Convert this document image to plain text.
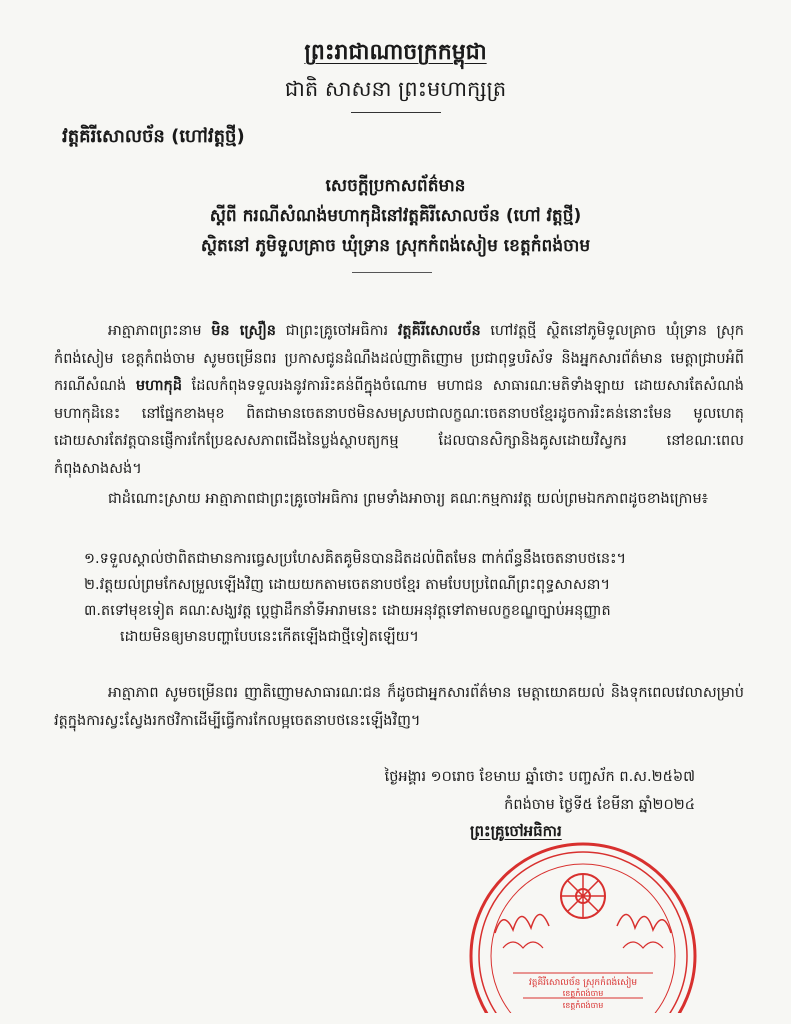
ព្រះរាជាណាចក្រកម្ពុជា
ជាតិ សាសនា ព្រះមហាក្សត្រ
វត្តគិរីសោលច័ន (ហៅវត្តថ្មី)
សេចក្តីប្រកាសព័ត៌មាន
ស្តីពី ករណីសំណង់មហាកុដិនៅវត្តគិរីសោលច័ន (ហៅ វត្តថ្មី)
ស្ថិតនៅ ភូមិទួលគ្រាច ឃុំទ្រាន ស្រុកកំពង់សៀម ខេត្តកំពង់ចាម
អាត្មាភាពព្រះនាម មិន ស្រឿន ជាព្រះគ្រូចៅអធិការ វត្តគិរីសោលច័ន ហៅវត្តថ្មី ស្ថិតនៅភូមិទួលគ្រាច ឃុំទ្រាន ស្រុកកំពង់សៀម ខេត្តកំពង់ចាម សូមចម្រើនពរ ប្រកាសជូនដំណឹងដល់ញាតិញោម ប្រជាពុទ្ធបរិស័ទ និងអ្នកសារព័ត៌មាន មេត្តាជ្រាបអំពីករណីសំណង់ មហាកុដិ ដែលកំពុងទទួលរងនូវការរិះគន់ពីក្នុងចំណោម មហាជន សាធារណៈមតិទាំងឡាយ ដោយសារតែសំណង់មហាកុដិនេះ នៅផ្នែកខាងមុខ ពិតជាមានចេតនាបថមិនសមស្របជាលក្ខណៈចេតនាបថខ្មែរដូចការរិះគន់នោះមែន មូលហេតុដោយសារតែវត្តបានផ្ញើការកែប្រែឧសសភាពជើងនៃប្លង់ស្ថាបត្យកម្ម ដែលបានសិក្សានិងគូសដោយវិស្វករ នៅខណៈពេលកំពុងសាងសង់។
ជាដំណោះស្រាយ អាត្មាភាពជាព្រះគ្រូចៅអធិការ ព្រមទាំងអាចារ្យ គណៈកម្មការវត្ត យល់ព្រមឯកភាពដូចខាងក្រោម៖

១.ទទួលស្គាល់ថាពិតជាមានការធ្វេសប្រហែសគិតគូមិនបានដិតដល់ពិតមែន ពាក់ព័ន្ធនឹងចេតនាបថនេះ។

២.វត្តយល់ព្រមកែសម្រួលឡើងវិញ ដោយយកតាមចេតនាបថខ្មែរ តាមបែបប្រពៃណីព្រះពុទ្ធសាសនា។

៣.តទៅមុខទៀត គណៈសង្ឃវត្ត ប្តេជ្ញាដឹកនាំទីអារាមនេះ ដោយអនុវត្តទៅតាមលក្ខខណ្ឌច្បាប់អនុញ្ញាត

ដោយមិនឲ្យមានបញ្ហាបែបនេះកើតឡើងជាថ្មីទៀតឡើយ។

អាត្មាភាព សូមចម្រើនពរ ញាតិញោមសាធារណៈជន ក៏ដូចជាអ្នកសារព័ត៌មាន មេត្តាយោគយល់ និងទុកពេលវេលាសម្រាប់វត្តក្នុងការស្វះស្វែងរកថវិកាដើម្បីធ្វើការកែលម្អចេតនាបថនេះឡើងវិញ។
ថ្ងៃអង្គារ ១០រោច ខែមាឃ ឆ្នាំថោះ បញ្ចស័ក ព.ស.២៥៦៧
កំពង់ចាម ថ្ងៃទី៥ ខែមីនា ឆ្នាំ២០២៤
ព្រះគ្រូចៅអធិការ
វត្តគិរីសោលច័ន ស្រុកកំពង់សៀម
ខេត្តកំពង់ចាម
ខេត្តកំពង់ចាម
